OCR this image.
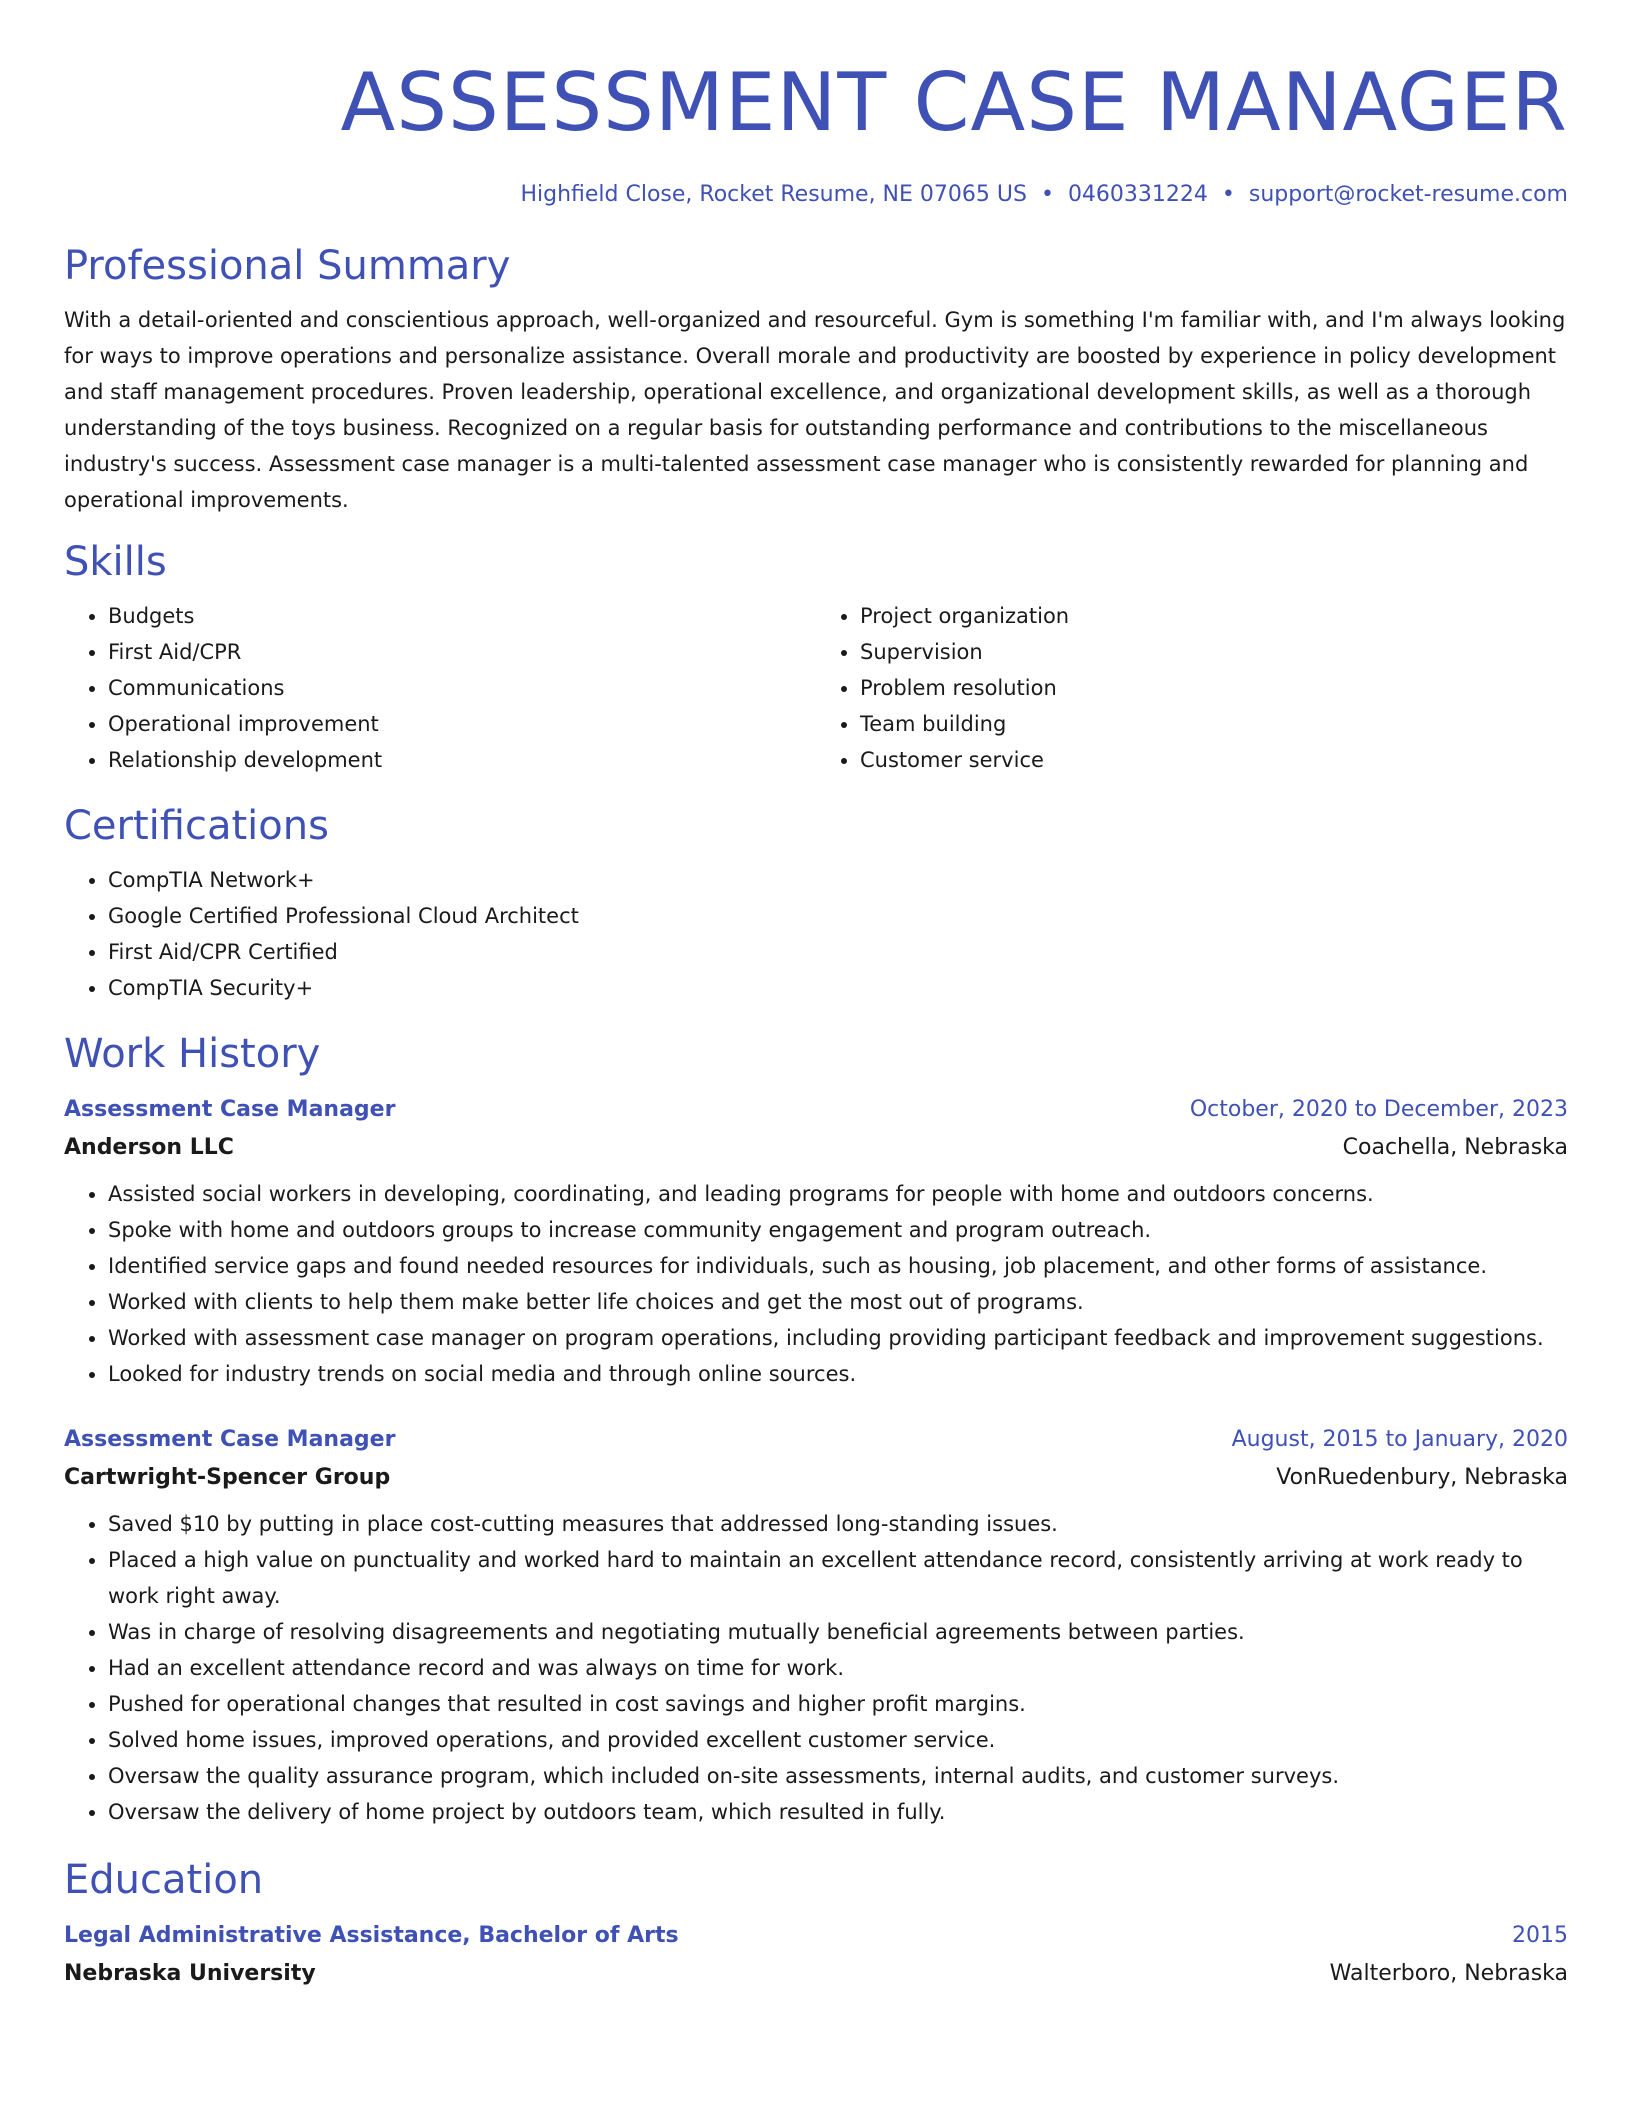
ASSESSMENT CASE MANAGER
Highfield Close, Rocket Resume, NE 07065 US • 0460331224 • support@rocket-resume.com
Professional Summary

With a detail-oriented and conscientious approach, well-organized and resourceful. Gym is something I'm familiar with, and I'm always looking for ways to improve operations and personalize assistance. Overall morale and productivity are boosted by experience in policy development and staff management procedures. Proven leadership, operational excellence, and organizational development skills, as well as a thorough understanding of the toys business. Recognized on a regular basis for outstanding performance and contributions to the miscellaneous industry's success. Assessment case manager is a multi-talented assessment case manager who is consistently rewarded for planning and operational improvements.

Skills
• Budgets
• First Aid/CPR
• Communications
• Operational improvement
• Relationship development
• Project organization
• Supervision
• Problem resolution
• Team building
• Customer service
Certifications
• CompTIA Network+
• Google Certified Professional Cloud Architect
• First Aid/CPR Certified
• CompTIA Security+
Work History
Assessment Case Manager	October, 2020 to December, 2023
Anderson LLC	Coachella, Nebraska
• Assisted social workers in developing, coordinating, and leading programs for people with home and outdoors concerns.
• Spoke with home and outdoors groups to increase community engagement and program outreach.
• Identified service gaps and found needed resources for individuals, such as housing, job placement, and other forms of assistance.
• Worked with clients to help them make better life choices and get the most out of programs.
• Worked with assessment case manager on program operations, including providing participant feedback and improvement suggestions.
• Looked for industry trends on social media and through online sources.
Assessment Case Manager	August, 2015 to January, 2020
Cartwright-Spencer Group	VonRuedenbury, Nebraska
• Saved $10 by putting in place cost-cutting measures that addressed long-standing issues.
• Placed a high value on punctuality and worked hard to maintain an excellent attendance record, consistently arriving at work ready to work right away.
• Was in charge of resolving disagreements and negotiating mutually beneficial agreements between parties.
• Had an excellent attendance record and was always on time for work.
• Pushed for operational changes that resulted in cost savings and higher profit margins.
• Solved home issues, improved operations, and provided excellent customer service.
• Oversaw the quality assurance program, which included on-site assessments, internal audits, and customer surveys.
• Oversaw the delivery of home project by outdoors team, which resulted in fully.
Education
Legal Administrative Assistance, Bachelor of Arts	2015
Nebraska University	Walterboro, Nebraska
